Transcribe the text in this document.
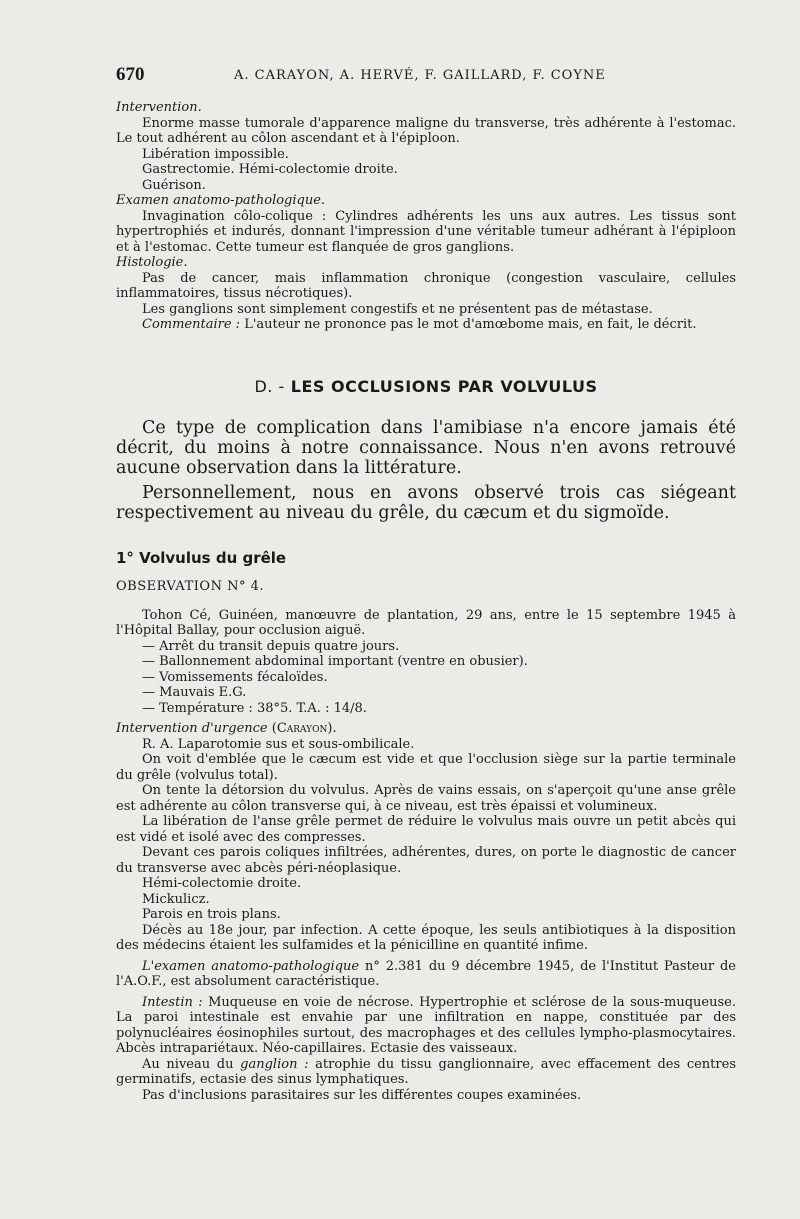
670	A. CARAYON, A. HERVÉ, F. GAILLARD, F. COYNE

Intervention.

Enorme masse tumorale d'apparence maligne du transverse, très adhérente à l'estomac. Le tout adhérent au côlon ascendant et à l'épiploon.

Libération impossible.

Gastrectomie. Hémi-colectomie droite.

Guérison.

Examen anatomo-pathologique.

Invagination côlo-colique : Cylindres adhérents les uns aux autres. Les tissus sont hypertrophiés et indurés, donnant l'impression d'une véritable tumeur adhérant à l'épiploon et à l'estomac. Cette tumeur est flanquée de gros ganglions.

Histologie.

Pas de cancer, mais inflammation chronique (congestion vasculaire, cellules inflammatoires, tissus nécrotiques).

Les ganglions sont simplement congestifs et ne présentent pas de métastase.

Commentaire : L'auteur ne prononce pas le mot d'amœbome mais, en fait, le décrit.

D. - LES OCCLUSIONS PAR VOLVULUS

Ce type de complication dans l'amibiase n'a encore jamais été décrit, du moins à notre connaissance. Nous n'en avons retrouvé aucune observation dans la littérature.

Personnellement, nous en avons observé trois cas siégeant respectivement au niveau du grêle, du cæcum et du sigmoïde.

1° Volvulus du grêle

OBSERVATION N° 4.

Tohon Cé, Guinéen, manœuvre de plantation, 29 ans, entre le 15 septembre 1945 à l'Hôpital Ballay, pour occlusion aiguë.

— Arrêt du transit depuis quatre jours.

— Ballonnement abdominal important (ventre en obusier).

— Vomissements fécaloïdes.

— Mauvais E.G.

— Température : 38°5. T.A. : 14/8.

Intervention d'urgence (Carayon).

R. A. Laparotomie sus et sous-ombilicale.

On voit d'emblée que le cæcum est vide et que l'occlusion siège sur la partie terminale du grêle (volvulus total).

On tente la détorsion du volvulus. Après de vains essais, on s'aperçoit qu'une anse grêle est adhérente au côlon transverse qui, à ce niveau, est très épaissi et volumineux.

La libération de l'anse grêle permet de réduire le volvulus mais ouvre un petit abcès qui est vidé et isolé avec des compresses.

Devant ces parois coliques infiltrées, adhérentes, dures, on porte le diagnostic de cancer du transverse avec abcès péri-néoplasique.

Hémi-colectomie droite.

Mickulicz.

Parois en trois plans.

Décès au 18e jour, par infection. A cette époque, les seuls antibiotiques à la disposition des médecins étaient les sulfamides et la pénicilline en quantité infime.

L'examen anatomo-pathologique n° 2.381 du 9 décembre 1945, de l'Institut Pasteur de l'A.O.F., est absolument caractéristique.

Intestin : Muqueuse en voie de nécrose. Hypertrophie et sclérose de la sous-muqueuse. La paroi intestinale est envahie par une infiltration en nappe, constituée par des polynucléaires éosinophiles surtout, des macrophages et des cellules lympho-plasmocytaires. Abcès intrapariétaux. Néo-capillaires. Ectasie des vaisseaux.

Au niveau du ganglion : atrophie du tissu ganglionnaire, avec effacement des centres germinatifs, ectasie des sinus lymphatiques.

Pas d'inclusions parasitaires sur les différentes coupes examinées.
